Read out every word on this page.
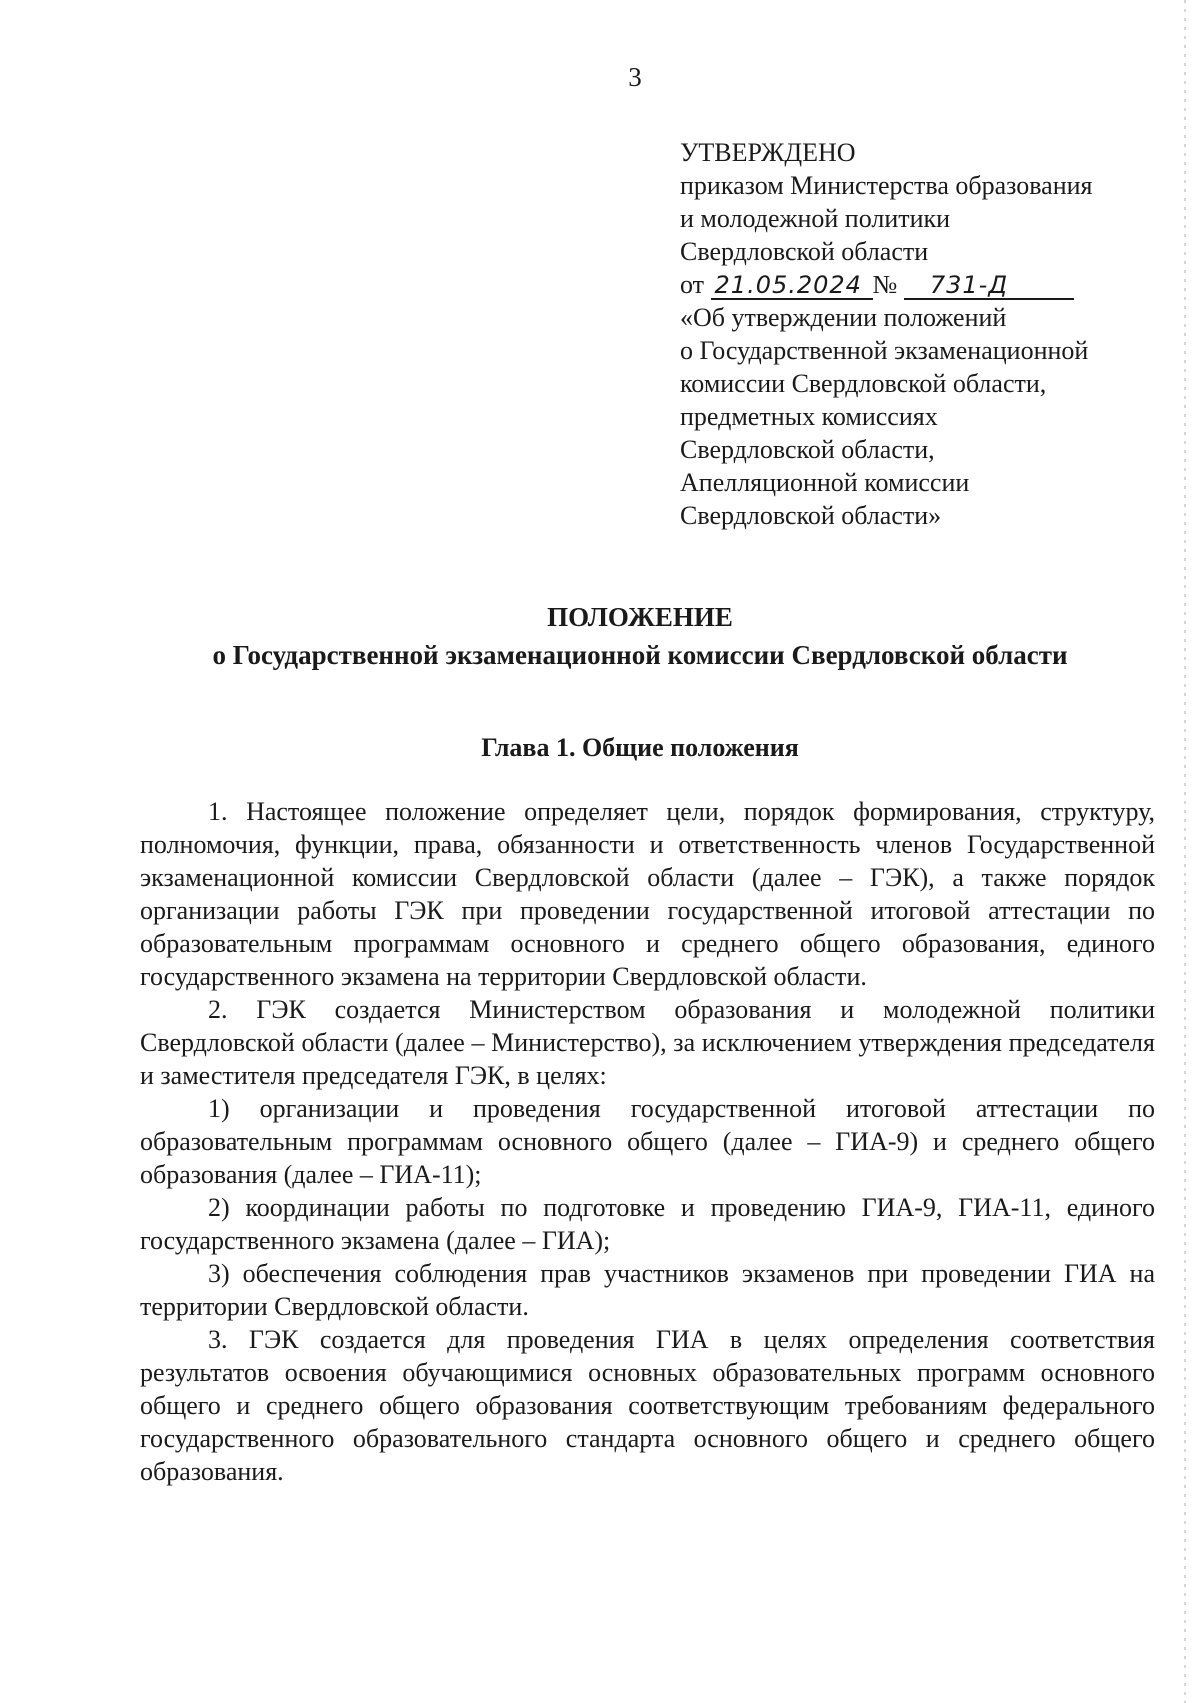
3
УТВЕРЖДЕНО
приказом Министерства образования
и молодежной политики
Свердловской области
от 21.05.2024 № 731-Д
«Об утверждении положений
о Государственной экзаменационной
комиссии Свердловской области,
предметных комиссиях
Свердловской области,
Апелляционной комиссии
Свердловской области»
ПОЛОЖЕНИЕ
о Государственной экзаменационной комиссии Свердловской области
Глава 1. Общие положения

1. Настоящее положение определяет цели, порядок формирования, структуру, полномочия, функции, права, обязанности и ответственность членов Государственной экзаменационной комиссии Свердловской области (далее – ГЭК), а также порядок организации работы ГЭК при проведении государственной итоговой аттестации по образовательным программам основного и среднего общего образования, единого государственного экзамена на территории Свердловской области.

2. ГЭК создается Министерством образования и молодежной политики Свердловской области (далее – Министерство), за исключением утверждения председателя и заместителя председателя ГЭК, в целях:

1) организации и проведения государственной итоговой аттестации по образовательным программам основного общего (далее – ГИА-9) и среднего общего образования (далее – ГИА-11);

2) координации работы по подготовке и проведению ГИА-9, ГИА-11, единого государственного экзамена (далее – ГИА);

3) обеспечения соблюдения прав участников экзаменов при проведении ГИА на территории Свердловской области.

3. ГЭК создается для проведения ГИА в целях определения соответствия результатов освоения обучающимися основных образовательных программ основного общего и среднего общего образования соответствующим требованиям федерального государственного образовательного стандарта основного общего и среднего общего образования.
